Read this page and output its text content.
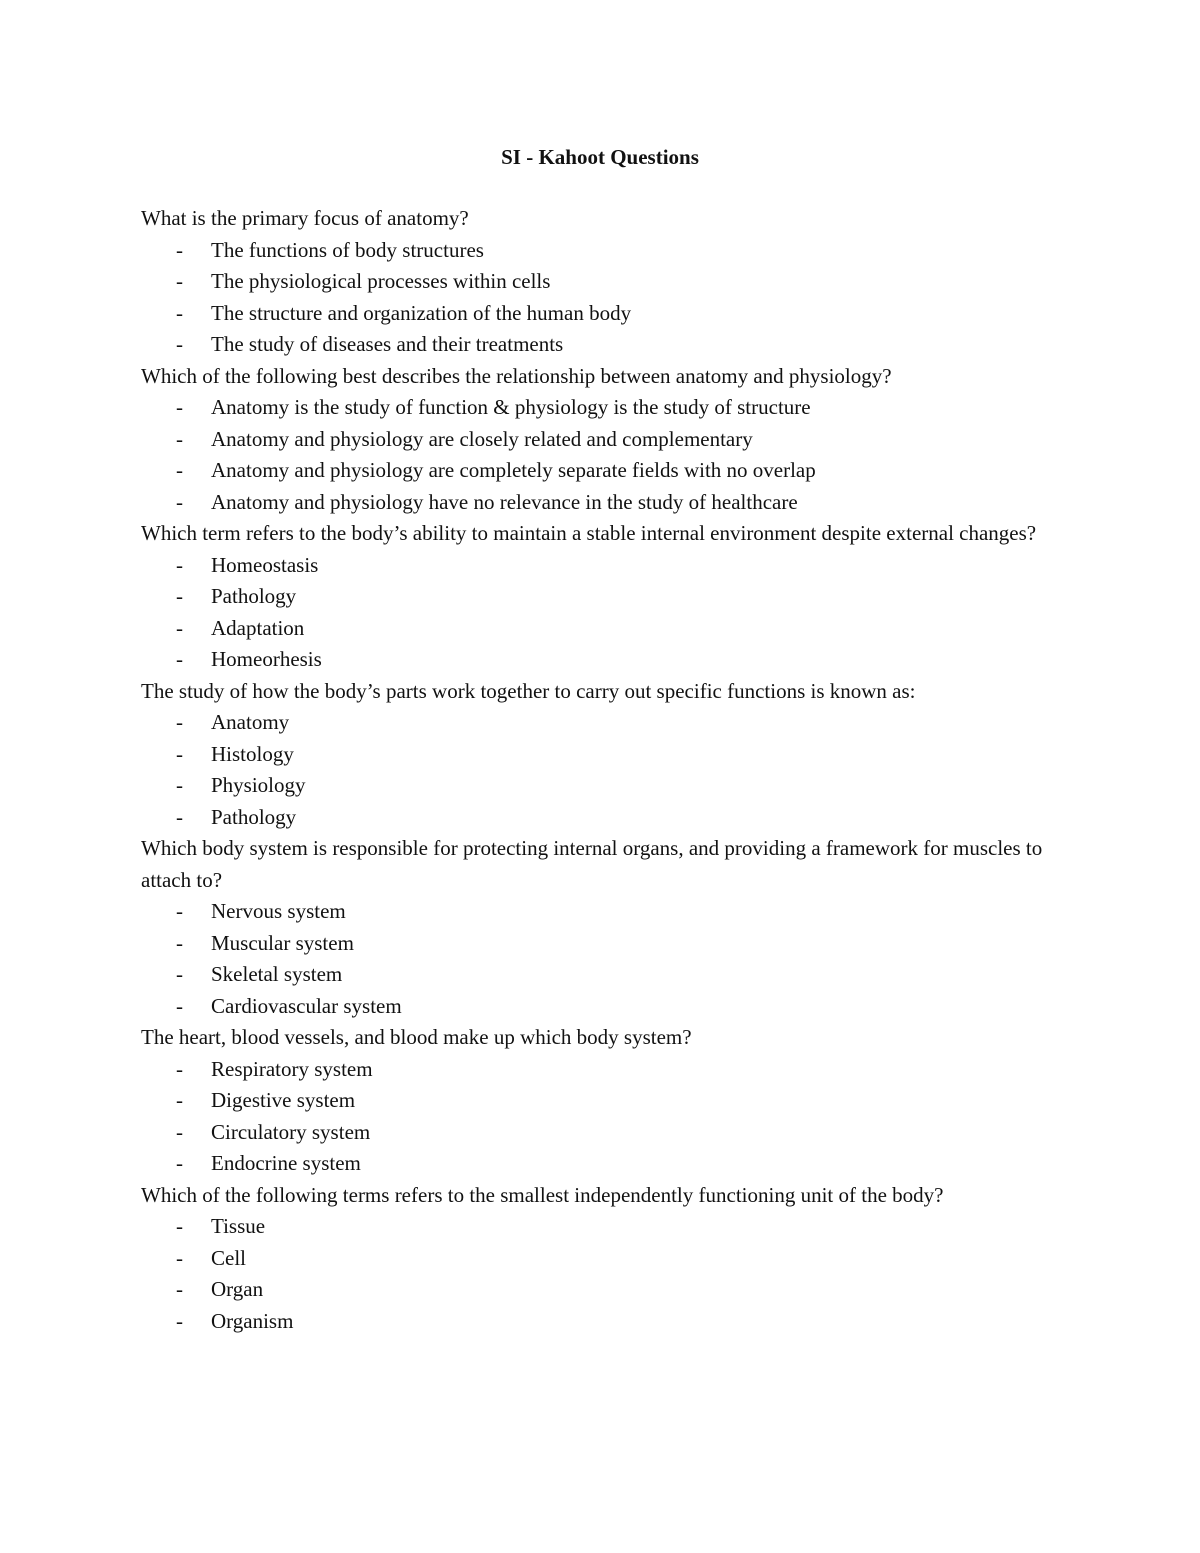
SI - Kahoot Questions

What is the primary focus of anatomy?

-	The functions of body structures
-	The physiological processes within cells
-	The structure and organization of the human body
-	The study of diseases and their treatments

Which of the following best describes the relationship between anatomy and physiology?

-	Anatomy is the study of function & physiology is the study of structure
-	Anatomy and physiology are closely related and complementary
-	Anatomy and physiology are completely separate fields with no overlap
-	Anatomy and physiology have no relevance in the study of healthcare

Which term refers to the body’s ability to maintain a stable internal environment despite external changes?

-	Homeostasis
-	Pathology
-	Adaptation
-	Homeorhesis

The study of how the body’s parts work together to carry out specific functions is known as:

-	Anatomy
-	Histology
-	Physiology
-	Pathology

Which body system is responsible for protecting internal organs, and providing a framework for muscles to attach to?

-	Nervous system
-	Muscular system
-	Skeletal system
-	Cardiovascular system

The heart, blood vessels, and blood make up which body system?

-	Respiratory system
-	Digestive system
-	Circulatory system
-	Endocrine system

Which of the following terms refers to the smallest independently functioning unit of the body?

-	Tissue
-	Cell
-	Organ
-	Organism
